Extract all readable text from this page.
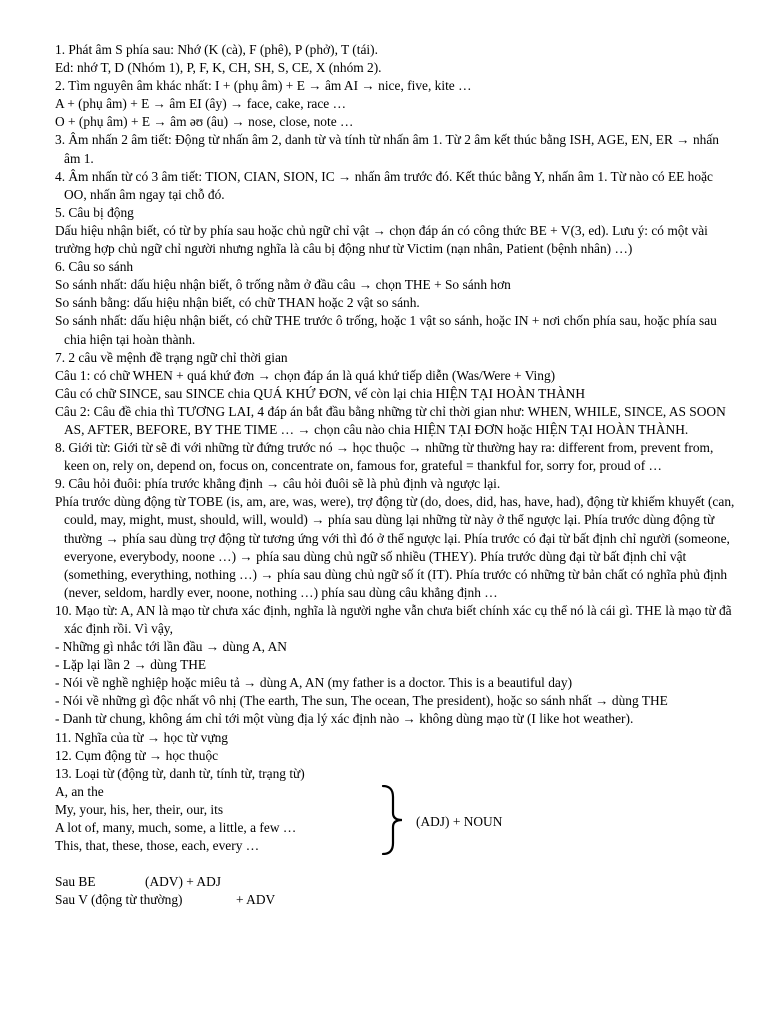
1. Phát âm S phía sau: Nhớ (K (cà), F (phê), P (phở), T (tái).

Ed: nhớ T, D (Nhóm 1), P, F, K, CH, SH, S, CE, X (nhóm 2).

2. Tìm nguyên âm khác nhất: I + (phụ âm) + E → âm AI → nice, five, kite …

A + (phụ âm) + E → âm EI (ây) → face, cake, race …

O + (phụ âm) + E → âm əʊ (âu) → nose, close, note …

3. Âm nhấn 2 âm tiết: Động từ nhấn âm 2, danh từ và tính từ nhấn âm 1. Từ 2 âm kết thúc bằng ISH, AGE, EN, ER → nhấn âm 1.

4. Âm nhấn từ có 3 âm tiết: TION, CIAN, SION, IC → nhấn âm trước đó. Kết thúc bằng Y, nhấn âm 1. Từ nào có EE hoặc OO, nhấn âm ngay tại chỗ đó.

5. Câu bị động

Dấu hiệu nhận biết, có từ by phía sau hoặc chủ ngữ chỉ vật → chọn đáp án có công thức BE + V(3, ed). Lưu ý: có một vài trường hợp chủ ngữ chỉ người nhưng nghĩa là câu bị động như từ Victim (nạn nhân, Patient (bệnh nhân) …)

6. Câu so sánh

So sánh nhất: dấu hiệu nhận biết, ô trống nằm ở đầu câu → chọn THE + So sánh hơn

So sánh bằng: dấu hiệu nhận biết, có chữ THAN hoặc 2 vật so sánh.

So sánh nhất: dấu hiệu nhận biết, có chữ THE trước ô trống, hoặc 1 vật so sánh, hoặc IN + nơi chốn phía sau, hoặc phía sau chia hiện tại hoàn thành.

7. 2 câu về mệnh đề trạng ngữ chỉ thời gian

Câu 1: có chữ WHEN + quá khứ đơn → chọn đáp án là quá khứ tiếp diễn (Was/Were + Ving)

Câu có chữ SINCE, sau SINCE chia QUÁ KHỨ ĐƠN, vế còn lại chia HIỆN TẠI HOÀN THÀNH

Câu 2: Câu đề chia thì TƯƠNG LAI, 4 đáp án bắt đầu bằng những từ chỉ thời gian như: WHEN, WHILE, SINCE, AS SOON AS, AFTER, BEFORE, BY THE TIME … → chọn câu nào chia HIỆN TẠI ĐƠN hoặc HIỆN TẠI HOÀN THÀNH.

8. Giới từ: Giới từ sẽ đi với những từ đứng trước nó → học thuộc → những từ thường hay ra: different from, prevent from, keen on, rely on, depend on, focus on, concentrate on, famous for, grateful = thankful for, sorry for, proud of …

9. Câu hỏi đuôi: phía trước khẳng định → câu hỏi đuôi sẽ là phủ định và ngược lại.

Phía trước dùng động từ TOBE (is, am, are, was, were), trợ động từ (do, does, did, has, have, had), động từ khiếm khuyết (can, could, may, might, must, should, will, would) → phía sau dùng lại những từ này ở thể ngược lại. Phía trước dùng động từ thường → phía sau dùng trợ động từ tương ứng với thì đó ở thể ngược lại. Phía trước có đại từ bất định chỉ người (someone, everyone, everybody, noone …) → phía sau dùng chủ ngữ số nhiều (THEY). Phía trước dùng đại từ bất định chỉ vật (something, everything, nothing …) → phía sau dùng chủ ngữ số ít (IT). Phía trước có những từ bản chất có nghĩa phủ định (never, seldom, hardly ever, noone, nothing …) phía sau dùng câu khẳng định …

10. Mạo từ: A, AN là mạo từ chưa xác định, nghĩa là người nghe vẫn chưa biết chính xác cụ thể nó là cái gì. THE là mạo từ đã xác định rồi. Vì vậy,

- Những gì nhắc tới lần đầu → dùng A, AN

- Lặp lại lần 2 → dùng THE

- Nói về nghề nghiệp hoặc miêu tả → dùng A, AN (my father is a doctor. This is a beautiful day)

- Nói về những gì độc nhất vô nhị (The earth, The sun, The ocean, The president), hoặc so sánh nhất → dùng THE

- Danh từ chung, không ám chỉ tới một vùng địa lý xác định nào → không dùng mạo từ (I like hot weather).

11. Nghĩa của từ → học từ vựng

12. Cụm động từ → học thuộc

13. Loại từ (động từ, danh từ, tính từ, trạng từ)

A, an the

My, your, his, her, their, our, its

A lot of, many, much, some, a little, a few …

This, that, these, those, each, every …

(ADJ) + NOUN
Sau BE	(ADV) + ADJ
Sau V (động từ thường)	+ ADV
